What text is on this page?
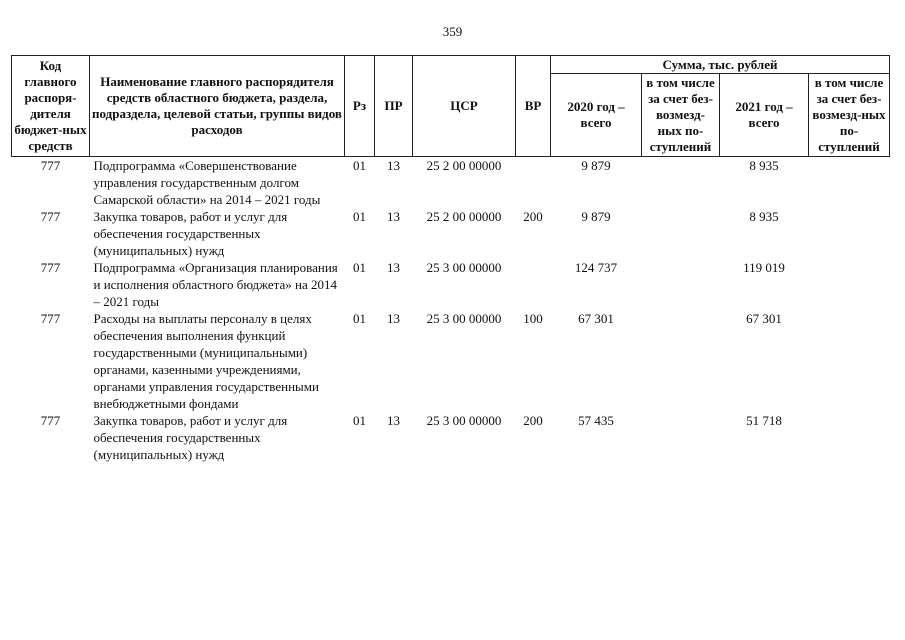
359
Код главного распоря-дителя бюджет-ных средств	Наименование главного распорядителя средств областного бюджета, раздела, подраздела, целевой статьи, группы видов расходов	Рз	ПР	ЦСР	ВР	Сумма, тыс. рублей			
						2020 год – всего	в том числе за счет без-возмезд-ных по-ступлений	2021 год – всего	в том числе за счет без-возмезд-ных по-ступлений
777	Подпрограмма «Совершенствование управления государственным долгом Самарской области» на 2014 – 2021 годы	01	13	25 2 00 00000		9 879		8 935	
777	Закупка товаров, работ и услуг для обеспечения государственных (муниципальных) нужд	01	13	25 2 00 00000	200	9 879		8 935	
777	Подпрограмма «Организация планирования и исполнения областного бюджета» на 2014 – 2021 годы	01	13	25 3 00 00000		124 737		119 019	
777	Расходы на выплаты персоналу в целях обеспечения выполнения функций государственными (муниципальными) органами, казенными учреждениями, органами управления государственными внебюджетными фондами	01	13	25 3 00 00000	100	67 301		67 301	
777	Закупка товаров, работ и услуг для обеспечения государственных (муниципальных) нужд	01	13	25 3 00 00000	200	57 435		51 718	
